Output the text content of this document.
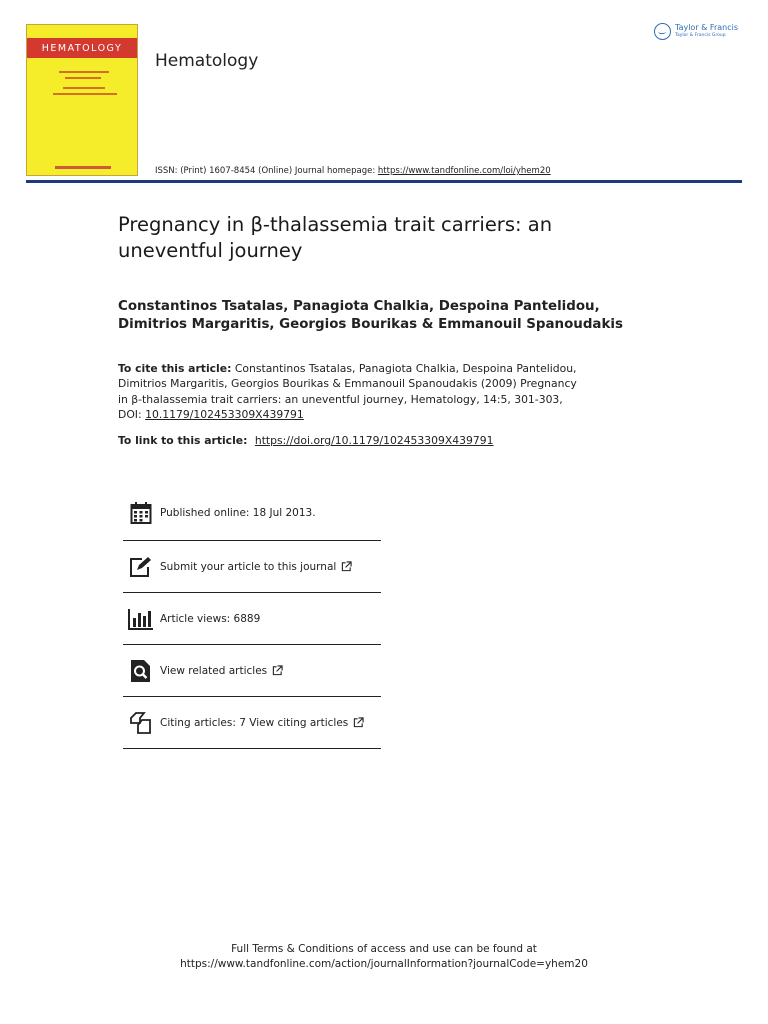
HEMATOLOGY
Hematology
Taylor & Francis
Taylor & Francis Group
ISSN: (Print) 1607-8454 (Online) Journal homepage: https://www.tandfonline.com/loi/yhem20
Pregnancy in β-thalassemia trait carriers: an uneventful journey
Constantinos Tsatalas, Panagiota Chalkia, Despoina Pantelidou, Dimitrios Margaritis, Georgios Bourikas & Emmanouil Spanoudakis
To cite this article: Constantinos Tsatalas, Panagiota Chalkia, Despoina Pantelidou, Dimitrios Margaritis, Georgios Bourikas & Emmanouil Spanoudakis (2009) Pregnancy in β-thalassemia trait carriers: an uneventful journey, Hematology, 14:5, 301-303, DOI: 10.1179/102453309X439791
To link to this article: https://doi.org/10.1179/102453309X439791
Published online: 18 Jul 2013.
Submit your article to this journal
Article views: 6889
View related articles
Citing articles: 7 View citing articles
Full Terms & Conditions of access and use can be found at
https://www.tandfonline.com/action/journalInformation?journalCode=yhem20
